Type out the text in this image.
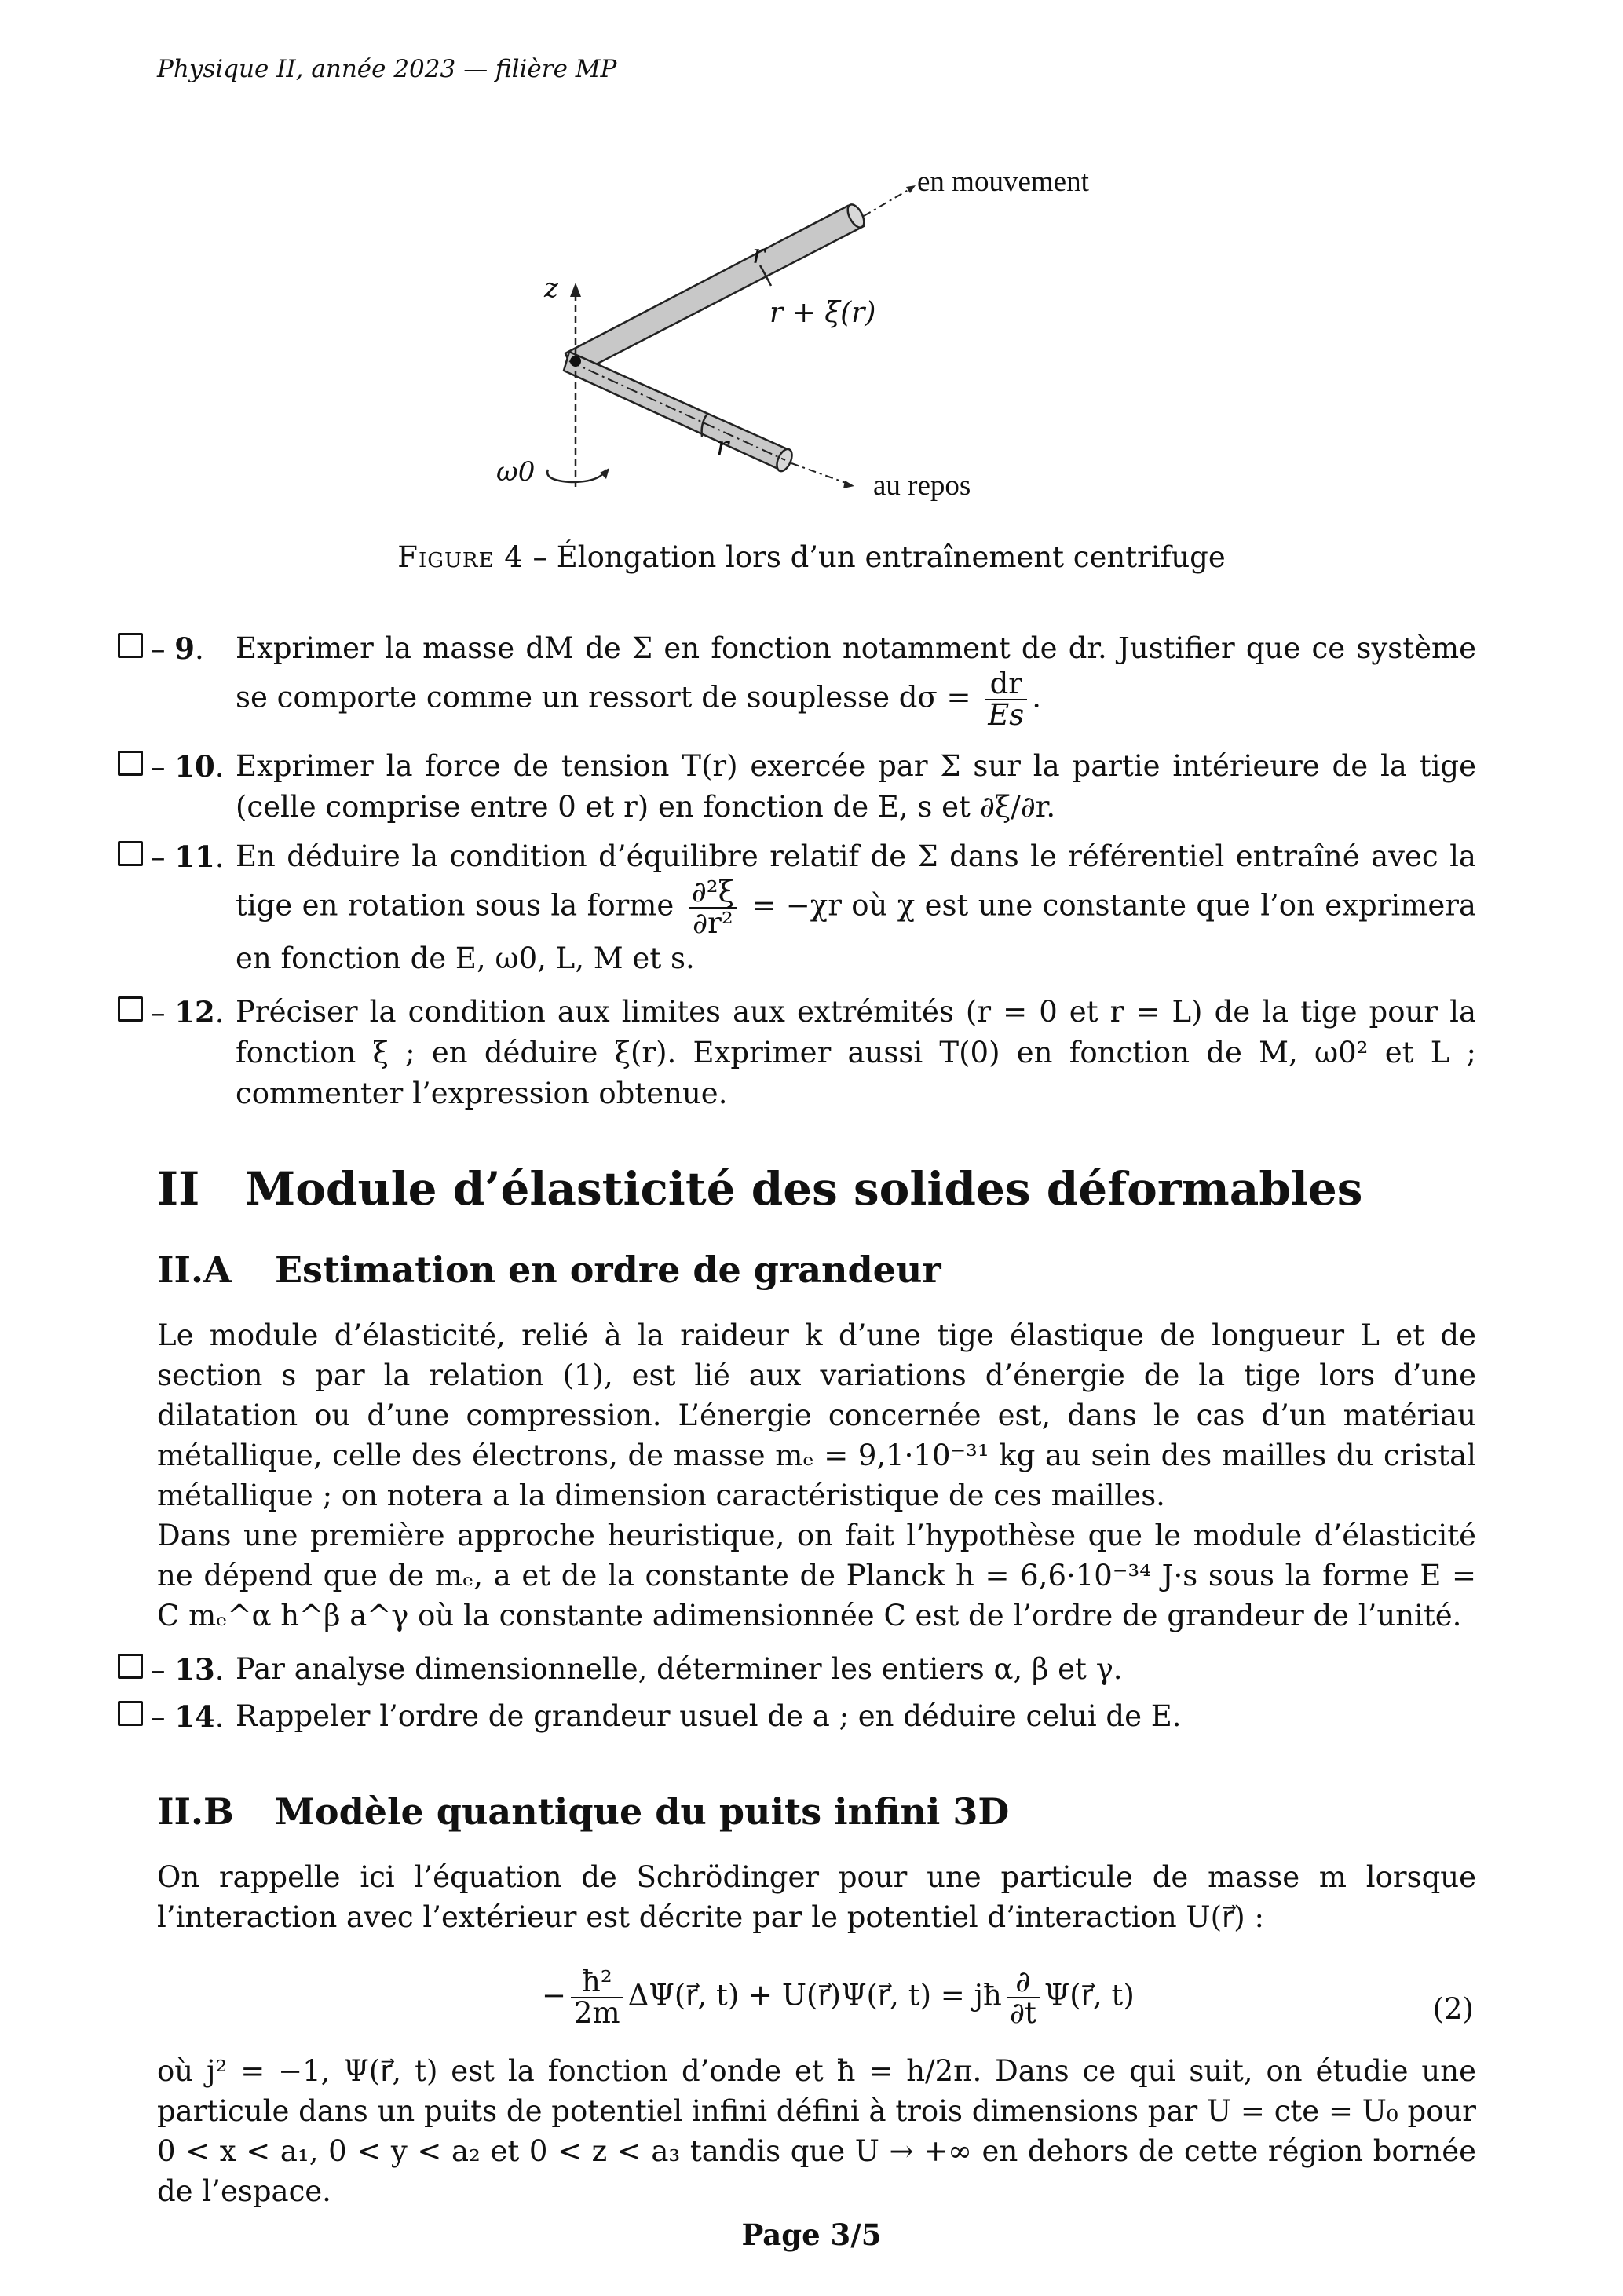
Physique II, année 2023 — filière MP
en mouvement
au repos
r
r + ξ(r)
r
z
ω0
Figure 4 – Élongation lors d’un entraînement centrifuge
– 9. Exprimer la masse dM de Σ en fonction notamment de dr. Justifier que ce système se comporte comme un ressort de souplesse $d\sigma = \frac{dr}{Es}$ .
– 10. Exprimer la force de tension T(r) exercée par Σ sur la partie intérieure de la tige (celle comprise entre 0 et r) en fonction de E, s et ∂ξ/∂r.
– 11. En déduire la condition d’équilibre relatif de Σ dans le référentiel entraîné avec la tige en rotation sous la forme $\frac{\text{∂²ξ}}{\text{∂r²}} = -\chi r$ où χ est une constante que l’on exprimera en fonction de E, ω0, L, M et s.
– 12. Préciser la condition aux limites aux extrémités (r = 0 et r = L) de la tige pour la fonction ξ ; en déduire ξ(r). Exprimer aussi T(0) en fonction de M, ω0² et L ; commenter l’expression obtenue.
II Module d’élasticité des solides déformables
II.A Estimation en ordre de grandeur
Le module d’élasticité, relié à la raideur k d’une tige élastique de longueur L et de section s par la relation (1), est lié aux variations d’énergie de la tige lors d’une dilatation ou d’une compression. L’énergie concernée est, dans le cas d’un matériau métallique, celle des électrons, de masse mₑ = 9,1·10⁻³¹ kg au sein des mailles du cristal métallique ; on notera a la dimension caractéristique de ces mailles.
Dans une première approche heuristique, on fait l’hypothèse que le module d’élasticité ne dépend que de mₑ, a et de la constante de Planck h = 6,6·10⁻³⁴ J·s sous la forme E = C mₑ^α h^β a^γ où la constante adimensionnée C est de l’ordre de grandeur de l’unité.
– 13. Par analyse dimensionnelle, déterminer les entiers α, β et γ.
– 14. Rappeler l’ordre de grandeur usuel de a ; en déduire celui de E.
II.B Modèle quantique du puits infini 3D
On rappelle ici l’équation de Schrödinger pour une particule de masse m lorsque l’interaction avec l’extérieur est décrite par le potentiel d’interaction U(r⃗) :
− $\frac{\text{ħ²}}{2m}$ ΔΨ(r⃗, t) + U(r⃗)Ψ(r⃗, t) = jħ $\frac{\partial}{\partial t}$ Ψ(r⃗, t)	(2)
où j² = −1, Ψ(r⃗, t) est la fonction d’onde et ħ = h/2π. Dans ce qui suit, on étudie une particule dans un puits de potentiel infini défini à trois dimensions par U = cte = U₀ pour 0 < x < a₁, 0 < y < a₂ et 0 < z < a₃ tandis que U → +∞ en dehors de cette région bornée de l’espace.
Page 3/5
